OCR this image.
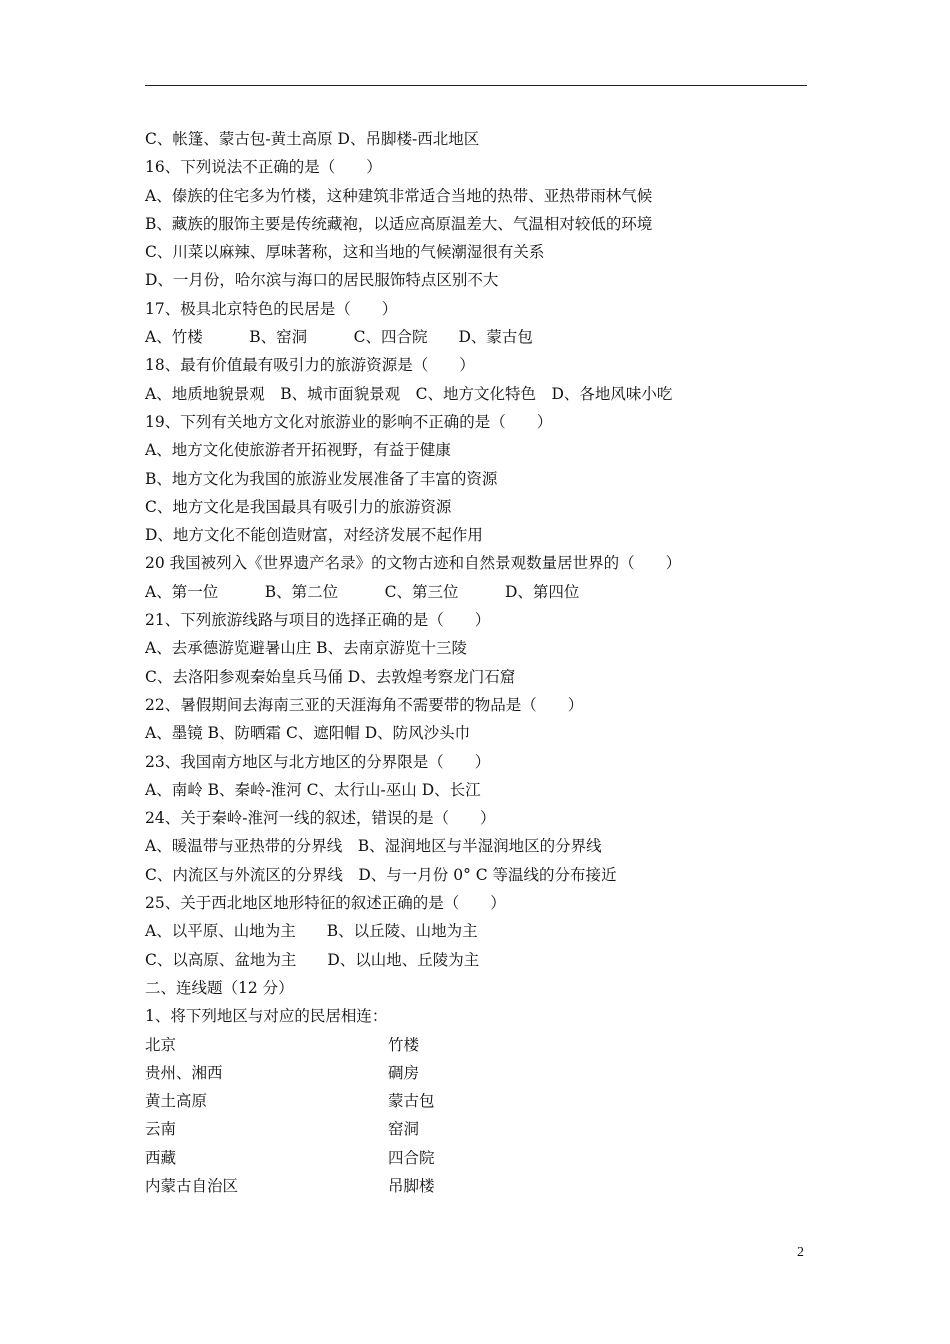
C、帐篷、蒙古包-黄土高原 D、吊脚楼-西北地区
16、下列说法不正确的是（　　）
A、傣族的住宅多为竹楼，这种建筑非常适合当地的热带、亚热带雨林气候
B、藏族的服饰主要是传统藏袍，以适应高原温差大、气温相对较低的环境
C、川菜以麻辣、厚味著称，这和当地的气候潮湿很有关系
D、一月份，哈尔滨与海口的居民服饰特点区别不大
17、极具北京特色的民居是（　　）
A、竹楼　　　B、窑洞　　　C、四合院　　D、蒙古包
18、最有价值最有吸引力的旅游资源是（　　）
A、地质地貌景观　B、城市面貌景观　C、地方文化特色　D、各地风味小吃
19、下列有关地方文化对旅游业的影响不正确的是（　　）
A、地方文化使旅游者开拓视野，有益于健康
B、地方文化为我国的旅游业发展准备了丰富的资源
C、地方文化是我国最具有吸引力的旅游资源
D、地方文化不能创造财富，对经济发展不起作用
20 我国被列入《世界遗产名录》的文物古迹和自然景观数量居世界的（　　）
A、第一位　　　B、第二位　　　C、第三位　　　D、第四位
21、下列旅游线路与项目的选择正确的是（　　）
A、去承德游览避暑山庄 B、去南京游览十三陵
C、去洛阳参观秦始皇兵马俑 D、去敦煌考察龙门石窟
22、暑假期间去海南三亚的天涯海角不需要带的物品是（　　）
A、墨镜 B、防晒霜 C、遮阳帽 D、防风沙头巾
23、我国南方地区与北方地区的分界限是（　　）
A、南岭 B、秦岭-淮河 C、太行山-巫山 D、长江
24、关于秦岭-淮河一线的叙述，错误的是（　　）
A、暖温带与亚热带的分界线　B、湿润地区与半湿润地区的分界线
C、内流区与外流区的分界线　D、与一月份 0° C 等温线的分布接近
25、关于西北地区地形特征的叙述正确的是（　　）
A、以平原、山地为主　　B、以丘陵、山地为主
C、以高原、盆地为主　　D、以山地、丘陵为主
二、连线题（12 分）
1、将下列地区与对应的民居相连：
北京	竹楼
贵州、湘西	碉房
黄土高原	蒙古包
云南	窑洞
西藏	四合院
内蒙古自治区	吊脚楼
2
